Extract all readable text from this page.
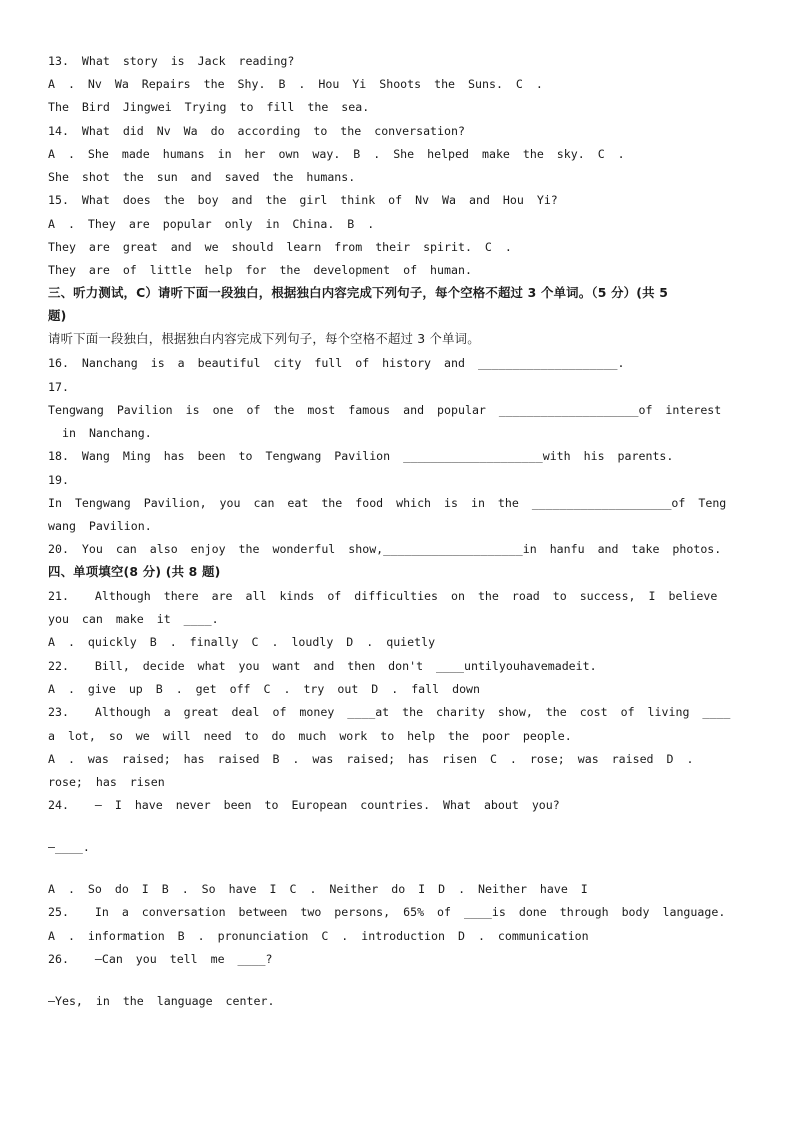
13. What story is Jack reading?
A . Nv Wa Repairs the Shy. B . Hou Yi Shoots the Suns. C .
The Bird Jingwei Trying to fill the sea.
14. What did Nv Wa do according to the conversation?
A . She made humans in her own way. B . She helped make the sky. C .
She shot the sun and saved the humans.
15. What does the boy and the girl think of Nv Wa and Hou Yi?
A . They are popular only in China. B .
They are great and we should learn from their spirit. C .
They are of little help for the development of human.
三、听力测试，C）请听下面一段独白，根据独白内容完成下列句子，每个空格不超过 3 个单词。（5 分）(共 5
题)
请听下面一段独白，根据独白内容完成下列句子，每个空格不超过 3 个单词。
16. Nanchang is a beautiful city full of history and ____________________.
17.
Tengwang Pavilion is one of the most famous and popular ____________________of interest
in Nanchang.
18. Wang Ming has been to Tengwang Pavilion ____________________with his parents.
19.
In Tengwang Pavilion, you can eat the food which is in the ____________________of Teng
wang Pavilion.
20. You can also enjoy the wonderful show,____________________in hanfu and take photos.
四、单项填空(8 分) (共 8 题)
21.  Although there are all kinds of difficulties on the road to success, I believe
you can make it ____.
A . quickly B . finally C . loudly D . quietly
22.  Bill, decide what you want and then don't ____untilyouhavemadeit.
A . give up B . get off C . try out D . fall down
23.  Although a great deal of money ____at the charity show, the cost of living ____
a lot, so we will need to do much work to help the poor people.
A . was raised; has raised B . was raised; has risen C . rose; was raised D .
rose; has risen
24.  — I have never been to European countries. What about you?
—____.
A . So do I B . So have I C . Neither do I D . Neither have I
25.  In a conversation between two persons, 65% of ____is done through body language.
A . information B . pronunciation C . introduction D . communication
26.  —Can you tell me ____?
—Yes, in the language center.
